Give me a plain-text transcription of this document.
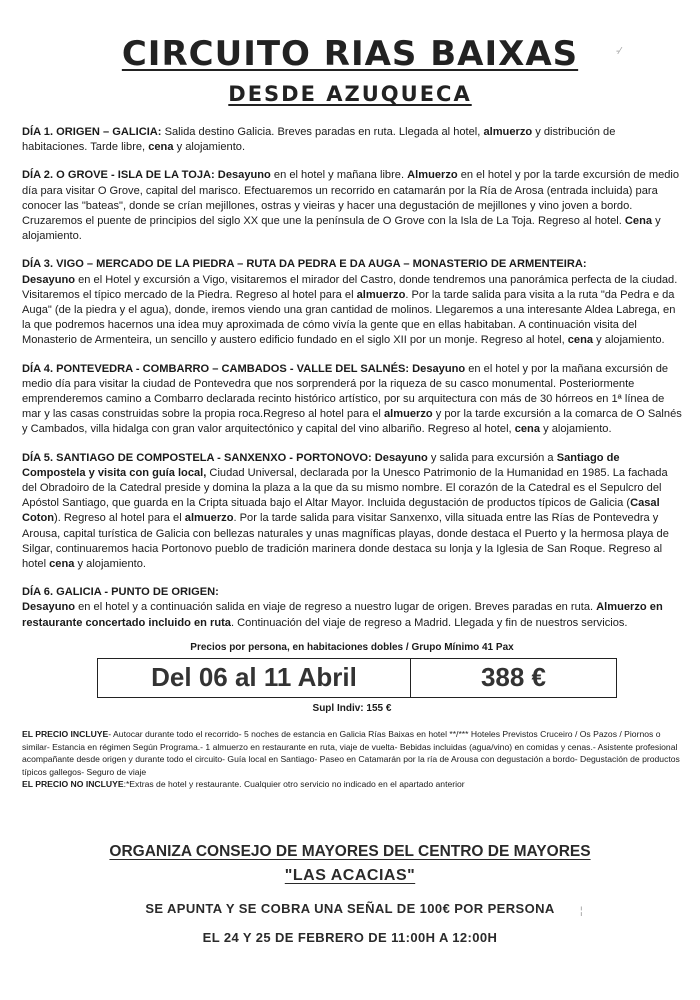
CIRCUITO RIAS BAIXAS
DESDE AZUQUECA
-⁄
DÍA 1. ORIGEN – GALICIA: Salida destino Galicia. Breves paradas en ruta. Llegada al hotel, almuerzo y distribución de habitaciones. Tarde libre, cena y alojamiento.
DÍA 2. O GROVE - ISLA DE LA TOJA: Desayuno en el hotel y mañana libre. Almuerzo en el hotel y por la tarde excursión de medio día para visitar O Grove, capital del marisco. Efectuaremos un recorrido en catamarán por la Ría de Arosa (entrada incluida) para conocer las "bateas", donde se crían mejillones, ostras y vieiras y hacer una degustación de mejillones y vino joven a bordo. Cruzaremos el puente de principios del siglo XX que une la península de O Grove con la Isla de La Toja. Regreso al hotel. Cena y alojamiento.
DÍA 3. VIGO – MERCADO DE LA PIEDRA – RUTA DA PEDRA E DA AUGA – MONASTERIO DE ARMENTEIRA:
Desayuno en el Hotel y excursión a Vigo, visitaremos el mirador del Castro, donde tendremos una panorámica perfecta de la ciudad. Visitaremos el típico mercado de la Piedra. Regreso al hotel para el almuerzo. Por la tarde salida para visita a la ruta "da Pedra e da Auga" (de la piedra y el agua), donde, iremos viendo una gran cantidad de molinos. Llegaremos a una interesante Aldea Labrega, en la que podremos hacernos una idea muy aproximada de cómo vivía la gente que en ellas habitaban. A continuación visita del Monasterio de Armenteira, un sencillo y austero edificio fundado en el siglo XII por un monje. Regreso al hotel, cena y alojamiento.
DÍA 4. PONTEVEDRA - COMBARRO – CAMBADOS - VALLE DEL SALNÉS: Desayuno en el hotel y por la mañana excursión de medio día para visitar la ciudad de Pontevedra que nos sorprenderá por la riqueza de su casco monumental. Posteriormente emprenderemos camino a Combarro declarada recinto histórico artístico, por su arquitectura con más de 30 hórreos en 1ª línea de mar y las casas construidas sobre la propia roca.Regreso al hotel para el almuerzo y por la tarde excursión a la comarca de O Salnés y Cambados, villa hidalga con gran valor arquitectónico y capital del vino albariño. Regreso al hotel, cena y alojamiento.
DÍA 5. SANTIAGO DE COMPOSTELA - SANXENXO - PORTONOVO: Desayuno y salida para excursión a Santiago de Compostela y visita con guía local, Ciudad Universal, declarada por la Unesco Patrimonio de la Humanidad en 1985. La fachada del Obradoiro de la Catedral preside y domina la plaza a la que da su mismo nombre. El corazón de la Catedral es el Sepulcro del Apóstol Santiago, que guarda en la Cripta situada bajo el Altar Mayor. Incluida degustación de productos típicos de Galicia (Casal Coton). Regreso al hotel para el almuerzo. Por la tarde salida para visitar Sanxenxo, villa situada entre las Rías de Pontevedra y Arousa, capital turística de Galicia con bellezas naturales y unas magníficas playas, donde destaca el Puerto y la hermosa playa de Silgar, continuaremos hacia Portonovo pueblo de tradición marinera donde destaca su lonja y la Iglesia de San Roque. Regreso al hotel cena y alojamiento.
DÍA 6. GALICIA - PUNTO DE ORIGEN:
Desayuno en el hotel y a continuación salida en viaje de regreso a nuestro lugar de origen. Breves paradas en ruta. Almuerzo en restaurante concertado incluido en ruta. Continuación del viaje de regreso a Madrid. Llegada y fin de nuestros servicios.
Precios por persona, en habitaciones dobles / Grupo Mínimo 41 Pax
Del 06 al 11 Abril	388 €
Supl Indiv: 155 €
EL PRECIO INCLUYE- Autocar durante todo el recorrido- 5 noches de estancia en Galicia Rías Baixas en hotel **/*** Hoteles Previstos Cruceiro / Os Pazos / Piornos o similar- Estancia en régimen Según Programa.- 1 almuerzo en restaurante en ruta, viaje de vuelta- Bebidas incluidas (agua/vino) en comidas y cenas.- Asistente profesional acompañante desde origen y durante todo el circuito- Guía local en Santiago- Paseo en Catamarán por la ría de Arousa con degustación a bordo- Degustación de productos típicos gallegos- Seguro de viaje
EL PRECIO NO INCLUYE:*Extras de hotel y restaurante. Cualquier otro servicio no indicado en el apartado anterior
ORGANIZA CONSEJO DE MAYORES DEL CENTRO DE MAYORES
"LAS ACACIAS"
SE APUNTA Y SE COBRA UNA SEÑAL DE 100€ POR PERSONA
EL 24 Y 25 DE FEBRERO DE 11:00H A 12:00H
¦
